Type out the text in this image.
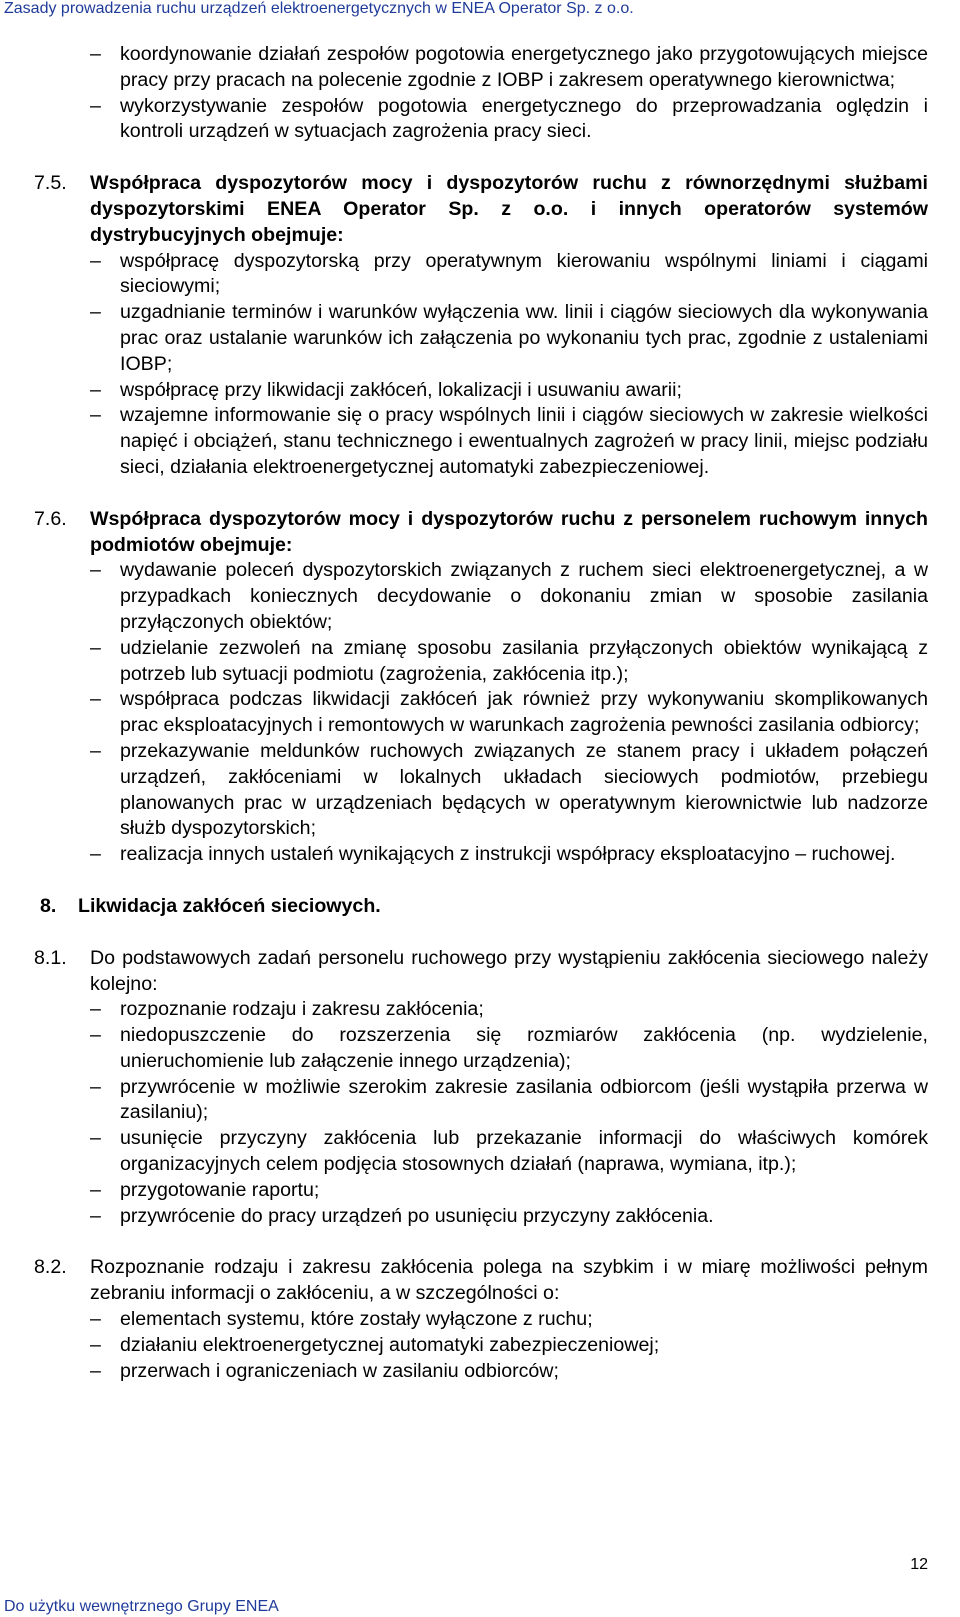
Zasady prowadzenia ruchu urządzeń elektroenergetycznych w ENEA Operator Sp. z o.o.
– koordynowanie działań zespołów pogotowia energetycznego jako przygotowujących miejsce pracy przy pracach na polecenie zgodnie z IOBP i zakresem operatywnego kierownictwa;
– wykorzystywanie zespołów pogotowia energetycznego do przeprowadzania oględzin i kontroli urządzeń w sytuacjach zagrożenia pracy sieci.
7.5.	Współpraca dyspozytorów mocy i dyspozytorów ruchu z równorzędnymi służbami dyspozytorskimi ENEA Operator Sp. z o.o. i innych operatorów systemów dystrybucyjnych obejmuje:
– współpracę dyspozytorską przy operatywnym kierowaniu wspólnymi liniami i ciągami sieciowymi;
– uzgadnianie terminów i warunków wyłączenia ww. linii i ciągów sieciowych dla wykonywania prac oraz ustalanie warunków ich załączenia po wykonaniu tych prac, zgodnie z ustaleniami IOBP;
– współpracę przy likwidacji zakłóceń, lokalizacji i usuwaniu awarii;
– wzajemne informowanie się o pracy wspólnych linii i ciągów sieciowych w zakresie wielkości napięć i obciążeń, stanu technicznego i ewentualnych zagrożeń w pracy linii, miejsc podziału sieci, działania elektroenergetycznej automatyki zabezpieczeniowej.
7.6.	Współpraca dyspozytorów mocy i dyspozytorów ruchu z personelem ruchowym innych podmiotów obejmuje:
– wydawanie poleceń dyspozytorskich związanych z ruchem sieci elektroenergetycznej, a w przypadkach koniecznych decydowanie o dokonaniu zmian w sposobie zasilania przyłączonych obiektów;
– udzielanie zezwoleń na zmianę sposobu zasilania przyłączonych obiektów wynikającą z potrzeb lub sytuacji podmiotu (zagrożenia, zakłócenia itp.);
– współpraca podczas likwidacji zakłóceń jak również przy wykonywaniu skomplikowanych prac eksploatacyjnych i remontowych w warunkach zagrożenia pewności zasilania odbiorcy;
– przekazywanie meldunków ruchowych związanych ze stanem pracy i układem połączeń urządzeń, zakłóceniami w lokalnych układach sieciowych podmiotów, przebiegu planowanych prac w urządzeniach będących w operatywnym kierownictwie lub nadzorze służb dyspozytorskich;
– realizacja innych ustaleń wynikających z instrukcji współpracy eksploatacyjno – ruchowej.
8. Likwidacja zakłóceń sieciowych.
8.1.	Do podstawowych zadań personelu ruchowego przy wystąpieniu zakłócenia sieciowego należy kolejno:
– rozpoznanie rodzaju i zakresu zakłócenia;
– niedopuszczenie do rozszerzenia się rozmiarów zakłócenia (np. wydzielenie, unieruchomienie lub załączenie innego urządzenia);
– przywrócenie w możliwie szerokim zakresie zasilania odbiorcom (jeśli wystąpiła przerwa w zasilaniu);
– usunięcie przyczyny zakłócenia lub przekazanie informacji do właściwych komórek organizacyjnych celem podjęcia stosownych działań (naprawa, wymiana, itp.);
– przygotowanie raportu;
– przywrócenie do pracy urządzeń po usunięciu przyczyny zakłócenia.
8.2.	Rozpoznanie rodzaju i zakresu zakłócenia polega na szybkim i w miarę możliwości pełnym zebraniu informacji o zakłóceniu, a w szczególności o:
– elementach systemu, które zostały wyłączone z ruchu;
– działaniu elektroenergetycznej automatyki zabezpieczeniowej;
– przerwach i ograniczeniach w zasilaniu odbiorców;
12
Do użytku wewnętrznego Grupy ENEA
